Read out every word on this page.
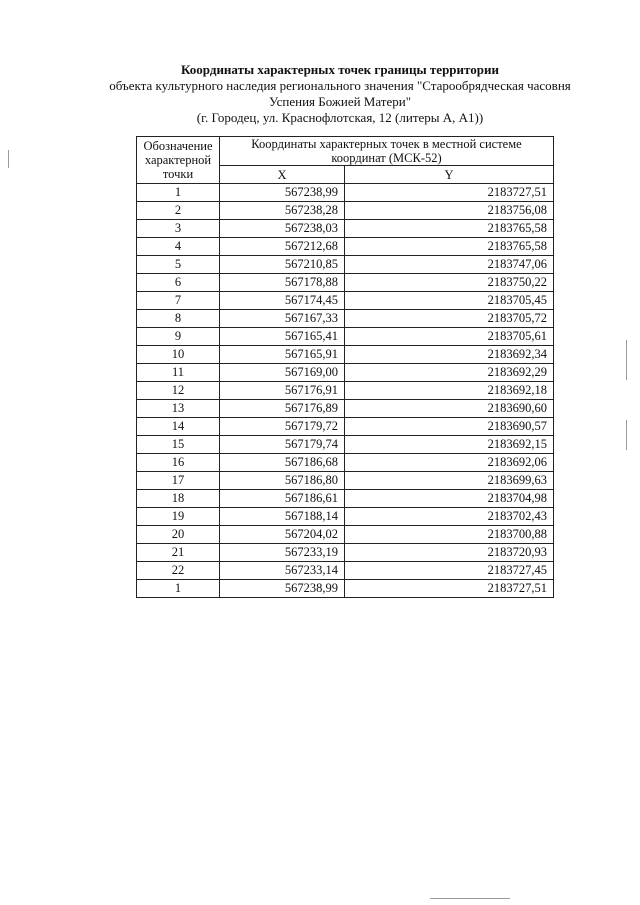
Координаты характерных точек границы территории
объекта культурного наследия регионального значения "Старообрядческая часовня
Успения Божией Матери"
(г. Городец, ул. Краснофлотская, 12 (литеры А, А1))
Обозначение характерной точки	Координаты характерных точек в местной системе координат (МСК-52)	
	X	Y
1	567238,99	2183727,51
2	567238,28	2183756,08
3	567238,03	2183765,58
4	567212,68	2183765,58
5	567210,85	2183747,06
6	567178,88	2183750,22
7	567174,45	2183705,45
8	567167,33	2183705,72
9	567165,41	2183705,61
10	567165,91	2183692,34
11	567169,00	2183692,29
12	567176,91	2183692,18
13	567176,89	2183690,60
14	567179,72	2183690,57
15	567179,74	2183692,15
16	567186,68	2183692,06
17	567186,80	2183699,63
18	567186,61	2183704,98
19	567188,14	2183702,43
20	567204,02	2183700,88
21	567233,19	2183720,93
22	567233,14	2183727,45
1	567238,99	2183727,51
